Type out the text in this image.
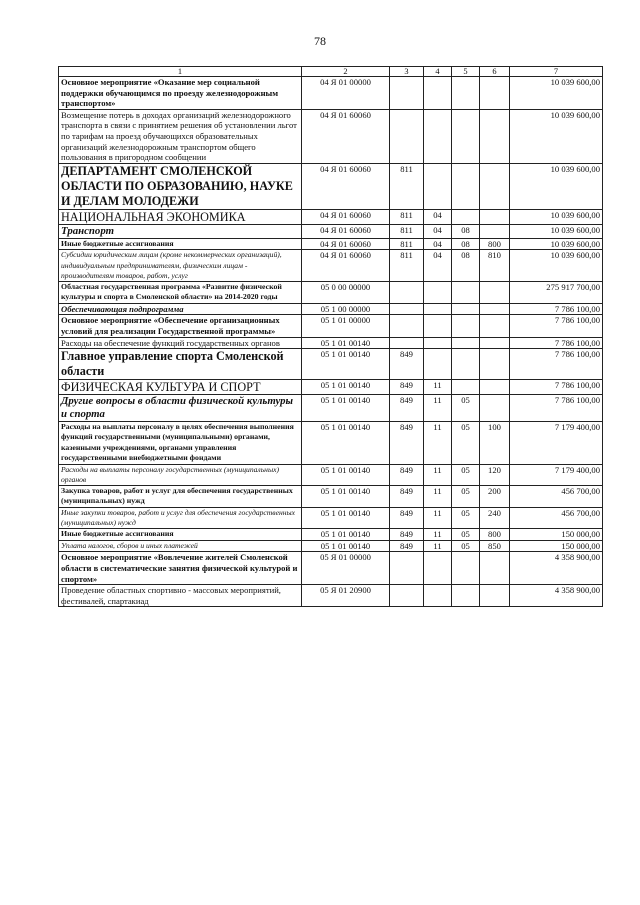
78
1	2	3	4	5	6	7
Основное мероприятие «Оказание мер социальной поддержки обучающимся по проезду железнодорожным транспортом»	04 Я 01 00000					10 039 600,00
Возмещение потерь в доходах организаций железнодорожного транспорта в связи с принятием решения об установлении льгот по тарифам на проезд обучающихся образовательных организаций железнодорожным транспортом общего пользования в пригородном сообщении	04 Я 01 60060					10 039 600,00
ДЕПАРТАМЕНТ СМОЛЕНСКОЙ ОБЛАСТИ ПО ОБРАЗОВАНИЮ, НАУКЕ И ДЕЛАМ МОЛОДЕЖИ	04 Я 01 60060	811				10 039 600,00
НАЦИОНАЛЬНАЯ ЭКОНОМИКА	04 Я 01 60060	811	04			10 039 600,00
Транспорт	04 Я 01 60060	811	04	08		10 039 600,00
Иные бюджетные ассигнования	04 Я 01 60060	811	04	08	800	10 039 600,00
Субсидии юридическим лицам (кроме некоммерческих организаций), индивидуальным предпринимателям, физическим лицам - производителям товаров, работ, услуг	04 Я 01 60060	811	04	08	810	10 039 600,00
Областная государственная программа «Развитие физической культуры и спорта в Смоленской области» на 2014-2020 годы	05 0 00 00000					275 917 700,00
Обеспечивающая подпрограмма	05 1 00 00000					7 786 100,00
Основное мероприятие «Обеспечение организационных условий для реализации Государственной программы»	05 1 01 00000					7 786 100,00
Расходы на обеспечение функций государственных органов	05 1 01 00140					7 786 100,00
Главное управление спорта Смоленской области	05 1 01 00140	849				7 786 100,00
ФИЗИЧЕСКАЯ КУЛЬТУРА И СПОРТ	05 1 01 00140	849	11			7 786 100,00
Другие вопросы в области физической культуры и спорта	05 1 01 00140	849	11	05		7 786 100,00
Расходы на выплаты персоналу в целях обеспечения выполнения функций государственными (муниципальными) органами, казенными учреждениями, органами управления государственными внебюджетными фондами	05 1 01 00140	849	11	05	100	7 179 400,00
Расходы на выплаты персоналу государственных (муниципальных) органов	05 1 01 00140	849	11	05	120	7 179 400,00
Закупка товаров, работ и услуг для обеспечения государственных (муниципальных) нужд	05 1 01 00140	849	11	05	200	456 700,00
Иные закупки товаров, работ и услуг для обеспечения государственных (муниципальных) нужд	05 1 01 00140	849	11	05	240	456 700,00
Иные бюджетные ассигнования	05 1 01 00140	849	11	05	800	150 000,00
Уплата налогов, сборов и иных платежей	05 1 01 00140	849	11	05	850	150 000,00
Основное мероприятие «Вовлечение жителей Смоленской области в систематические занятия физической культурой и спортом»	05 Я 01 00000					4 358 900,00
Проведение областных спортивно - массовых мероприятий, фестивалей, спартакиад	05 Я 01 20900					4 358 900,00
